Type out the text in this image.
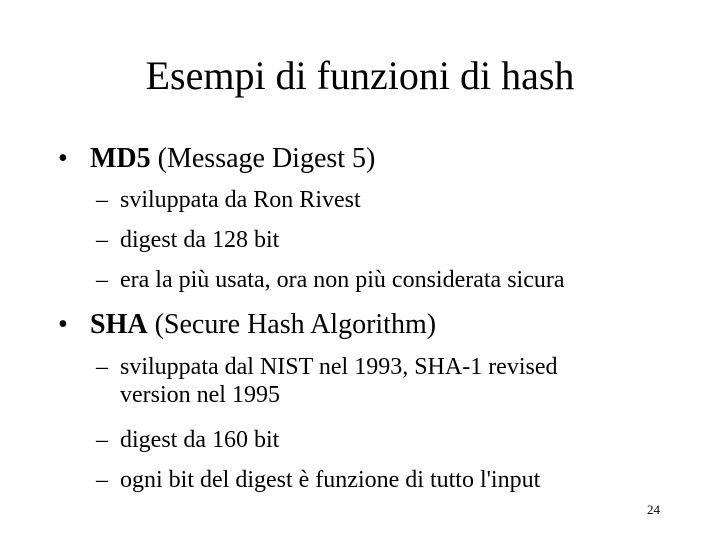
Esempi di funzioni di hash
• MD5 (Message Digest 5)
– sviluppata da Ron Rivest
– digest da 128 bit
– era la più usata, ora non più considerata sicura
• SHA (Secure Hash Algorithm)
– sviluppata dal NIST nel 1993, SHA-1 revised
version nel 1995
– digest da 160 bit
– ogni bit del digest è funzione di tutto l'input
24
